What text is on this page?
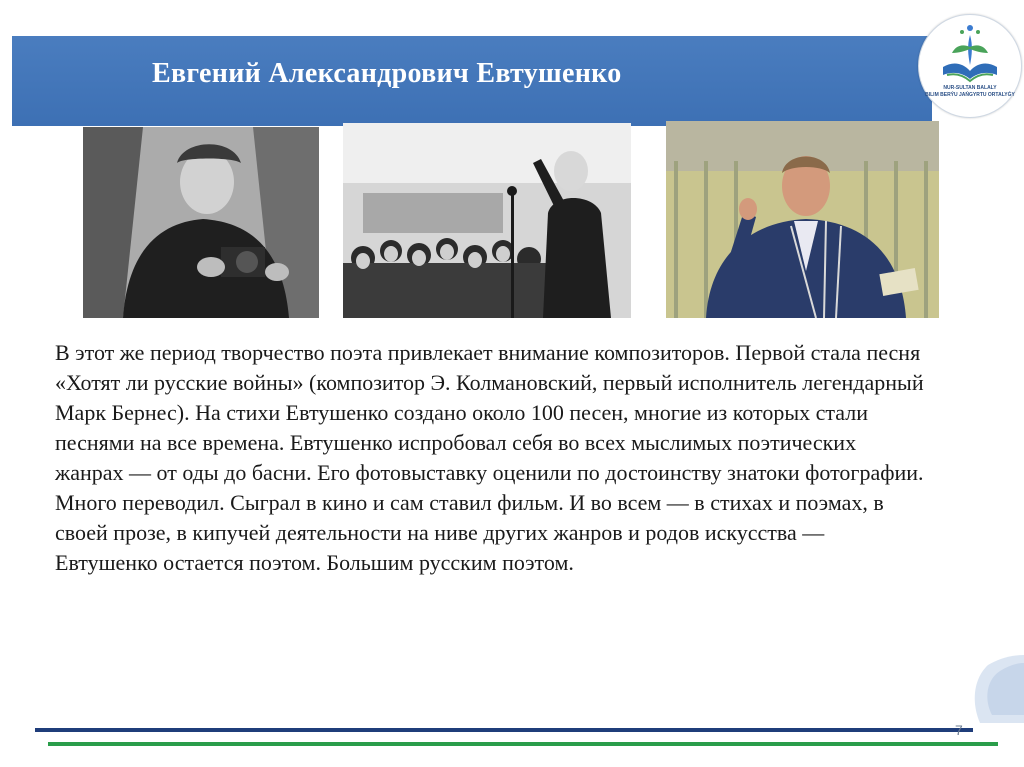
Евгений Александрович Евтушенко	NUR-SULTAN BALALY
BILIM BERÝU JAŃGYRTU ORTALYǴY

В этот же период творчество поэта привлекает внимание композиторов. Первой стала песня «Хотят ли русские войны» (композитор Э. Колмановский, первый исполнитель легендарный Марк Бернес). На стихи Евтушенко создано около 100 песен, многие из которых стали песнями на все времена. Евтушенко испробовал себя во всех мыслимых поэтических жанрах — от оды до басни. Его фотовыставку оценили по достоинству знатоки фотографии. Много переводил. Сыграл в кино и сам ставил фильм. И во всем — в стихах и поэмах, в своей прозе, в кипучей деятельности на ниве других жанров и родов искусства — Евтушенко остается поэтом. Большим русским поэтом.

7
